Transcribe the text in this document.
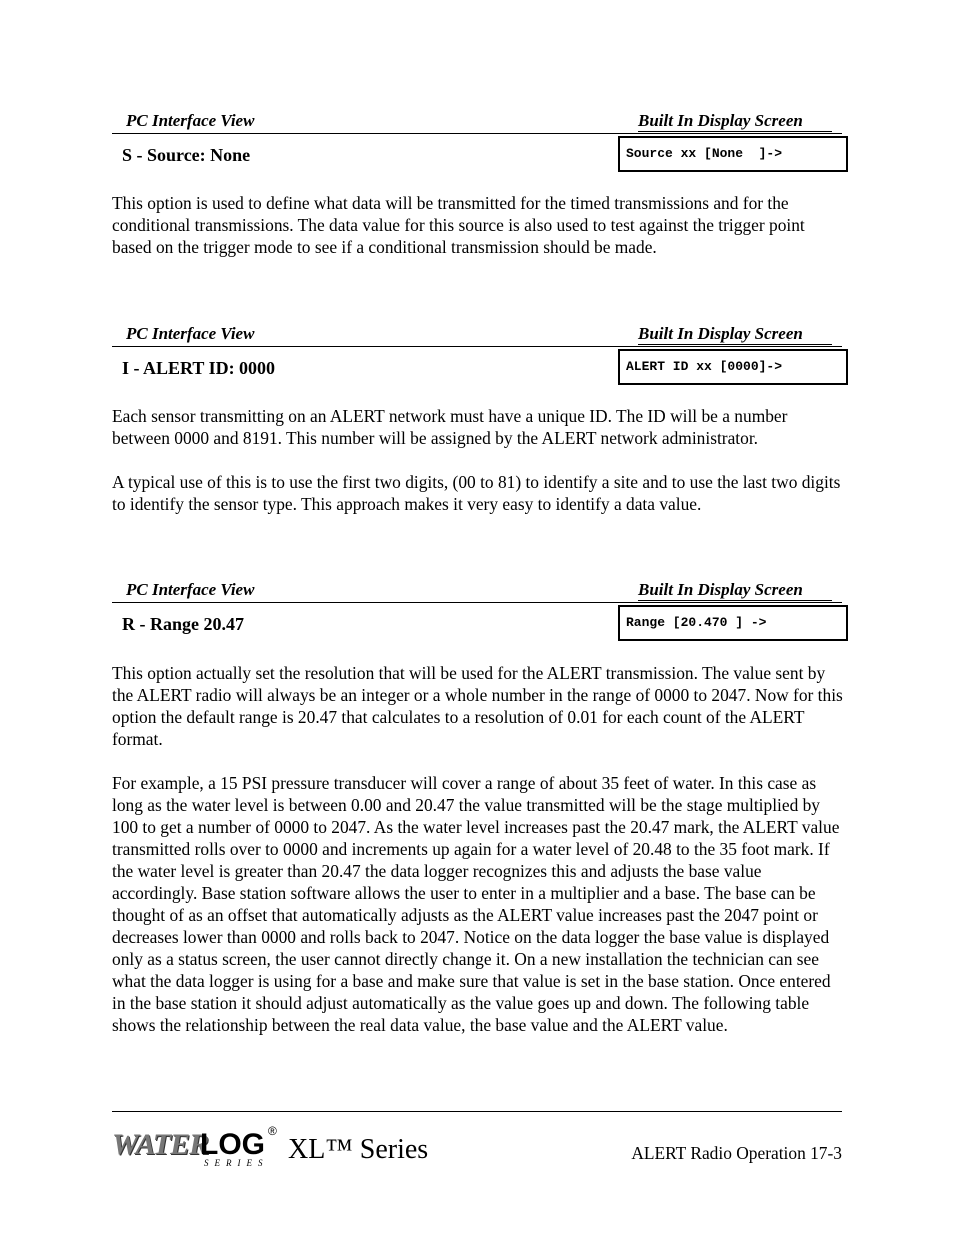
PC Interface View	Built In Display Screen
S - Source: None	Source xx [None  ]->

This option is used to define what data will be transmitted for the timed transmissions and for the conditional transmissions. The data value for this source is also used to test against the trigger point based on the trigger mode to see if a conditional transmission should be made.

PC Interface View	Built In Display Screen
I - ALERT ID: 0000	ALERT ID xx [0000]->

Each sensor transmitting on an ALERT network must have a unique ID. The ID will be a number between 0000 and 8191. This number will be assigned by the ALERT network administrator.

A typical use of this is to use the first two digits, (00 to 81) to identify a site and to use the last two digits to identify the sensor type. This approach makes it very easy to identify a data value.

PC Interface View	Built In Display Screen
R - Range 20.47	Range [20.470 ] ->

This option actually set the resolution that will be used for the ALERT transmission. The value sent by the ALERT radio will always be an integer or a whole number in the range of 0000 to 2047. Now for this option the default range is 20.47 that calculates to a resolution of 0.01 for each count of the ALERT format.

For example, a 15 PSI pressure transducer will cover a range of about 35 feet of water. In this case as long as the water level is between 0.00 and 20.47 the value transmitted will be the stage multiplied by 100 to get a number of 0000 to 2047. As the water level increases past the 20.47 mark, the ALERT value transmitted rolls over to 0000 and increments up again for a water level of 20.48 to the 35 foot mark. If the water level is greater than 20.47 the data logger recognizes this and adjusts the base value accordingly. Base station software allows the user to enter in a multiplier and a base. The base can be thought of as an offset that automatically adjusts as the ALERT value increases past the 2047 point or decreases lower than 0000 and rolls back to 2047. Notice on the data logger the base value is displayed only as a status screen, the user cannot directly change it. On a new installation the technician can see what the data logger is using for a base and make sure that value is set in the base station. Once entered in the base station it should adjust automatically as the value goes up and down. The following table shows the relationship between the real data value, the base value and the ALERT value.

WATER
LOG ®
SERIES XL™ Series	ALERT Radio Operation 17-3
